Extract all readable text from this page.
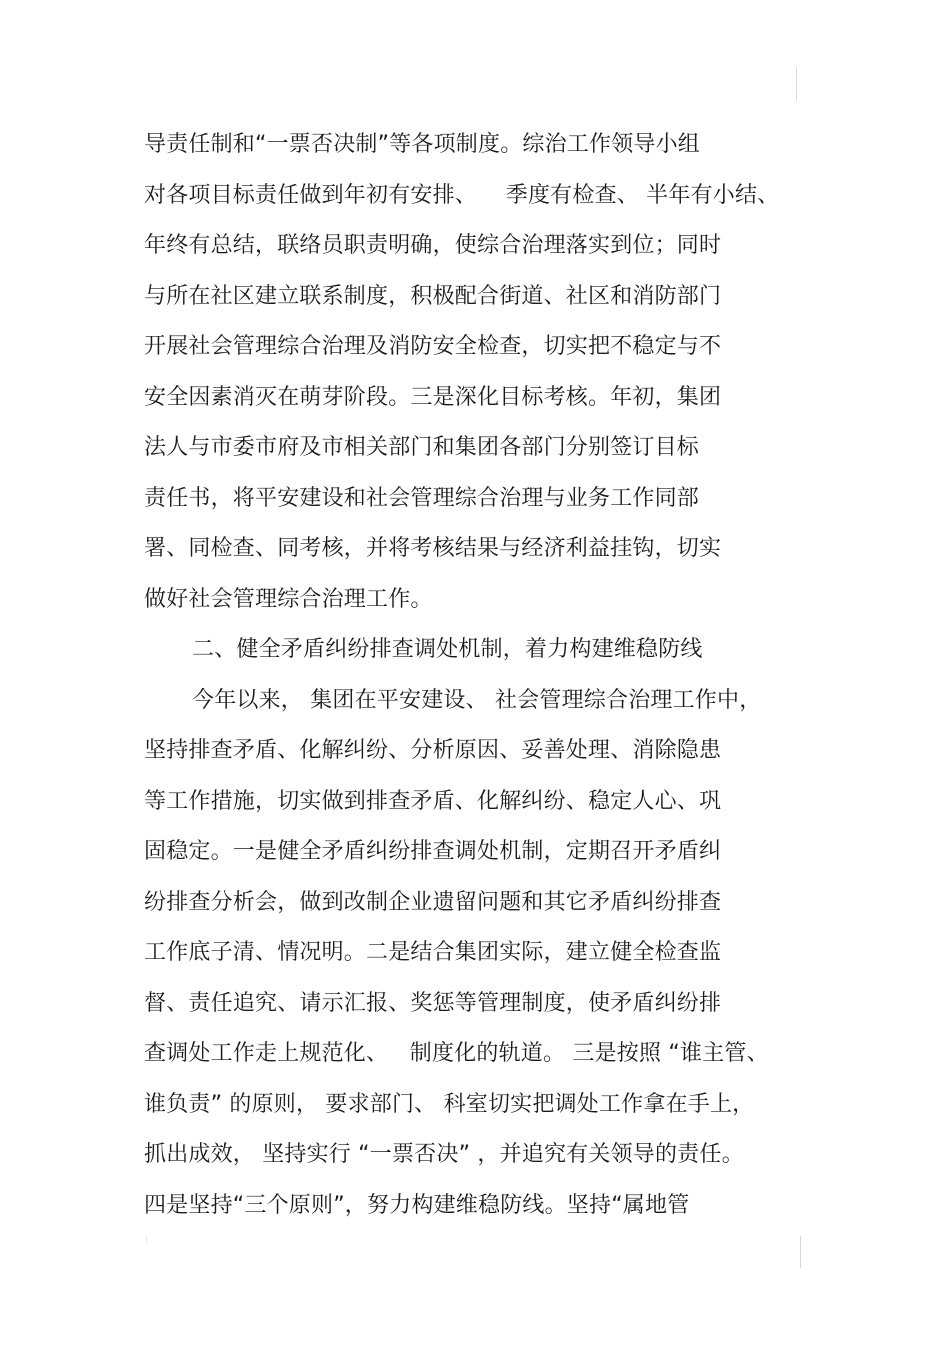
导责任制和“一票否决制”等各项制度。综治工作领导小组
对各项目标责任做到年初有安排、    季度有检查、 半年有小结、
年终有总结，联络员职责明确，使综合治理落实到位；同时
与所在社区建立联系制度，积极配合街道、社区和消防部门
开展社会管理综合治理及消防安全检查，切实把不稳定与不
安全因素消灭在萌芽阶段。三是深化目标考核。年初，集团
法人与市委市府及市相关部门和集团各部门分别签订目标
责任书，将平安建设和社会管理综合治理与业务工作同部
署、同检查、同考核，并将考核结果与经济利益挂钩，切实
做好社会管理综合治理工作。
二、健全矛盾纠纷排查调处机制，着力构建维稳防线
今年以来， 集团在平安建设、 社会管理综合治理工作中，
坚持排查矛盾、化解纠纷、分析原因、妥善处理、消除隐患
等工作措施，切实做到排查矛盾、化解纠纷、稳定人心、巩
固稳定。一是健全矛盾纠纷排查调处机制，定期召开矛盾纠
纷排查分析会，做到改制企业遗留问题和其它矛盾纠纷排查
工作底子清、情况明。二是结合集团实际，建立健全检查监
督、责任追究、请示汇报、奖惩等管理制度，使矛盾纠纷排
查调处工作走上规范化、   制度化的轨道。 三是按照 “谁主管、
谁负责” 的原则， 要求部门、 科室切实把调处工作拿在手上，
抓出成效， 坚持实行 “一票否决” ，并追究有关领导的责任。
四是坚持“三个原则”，努力构建维稳防线。坚持“属地管
